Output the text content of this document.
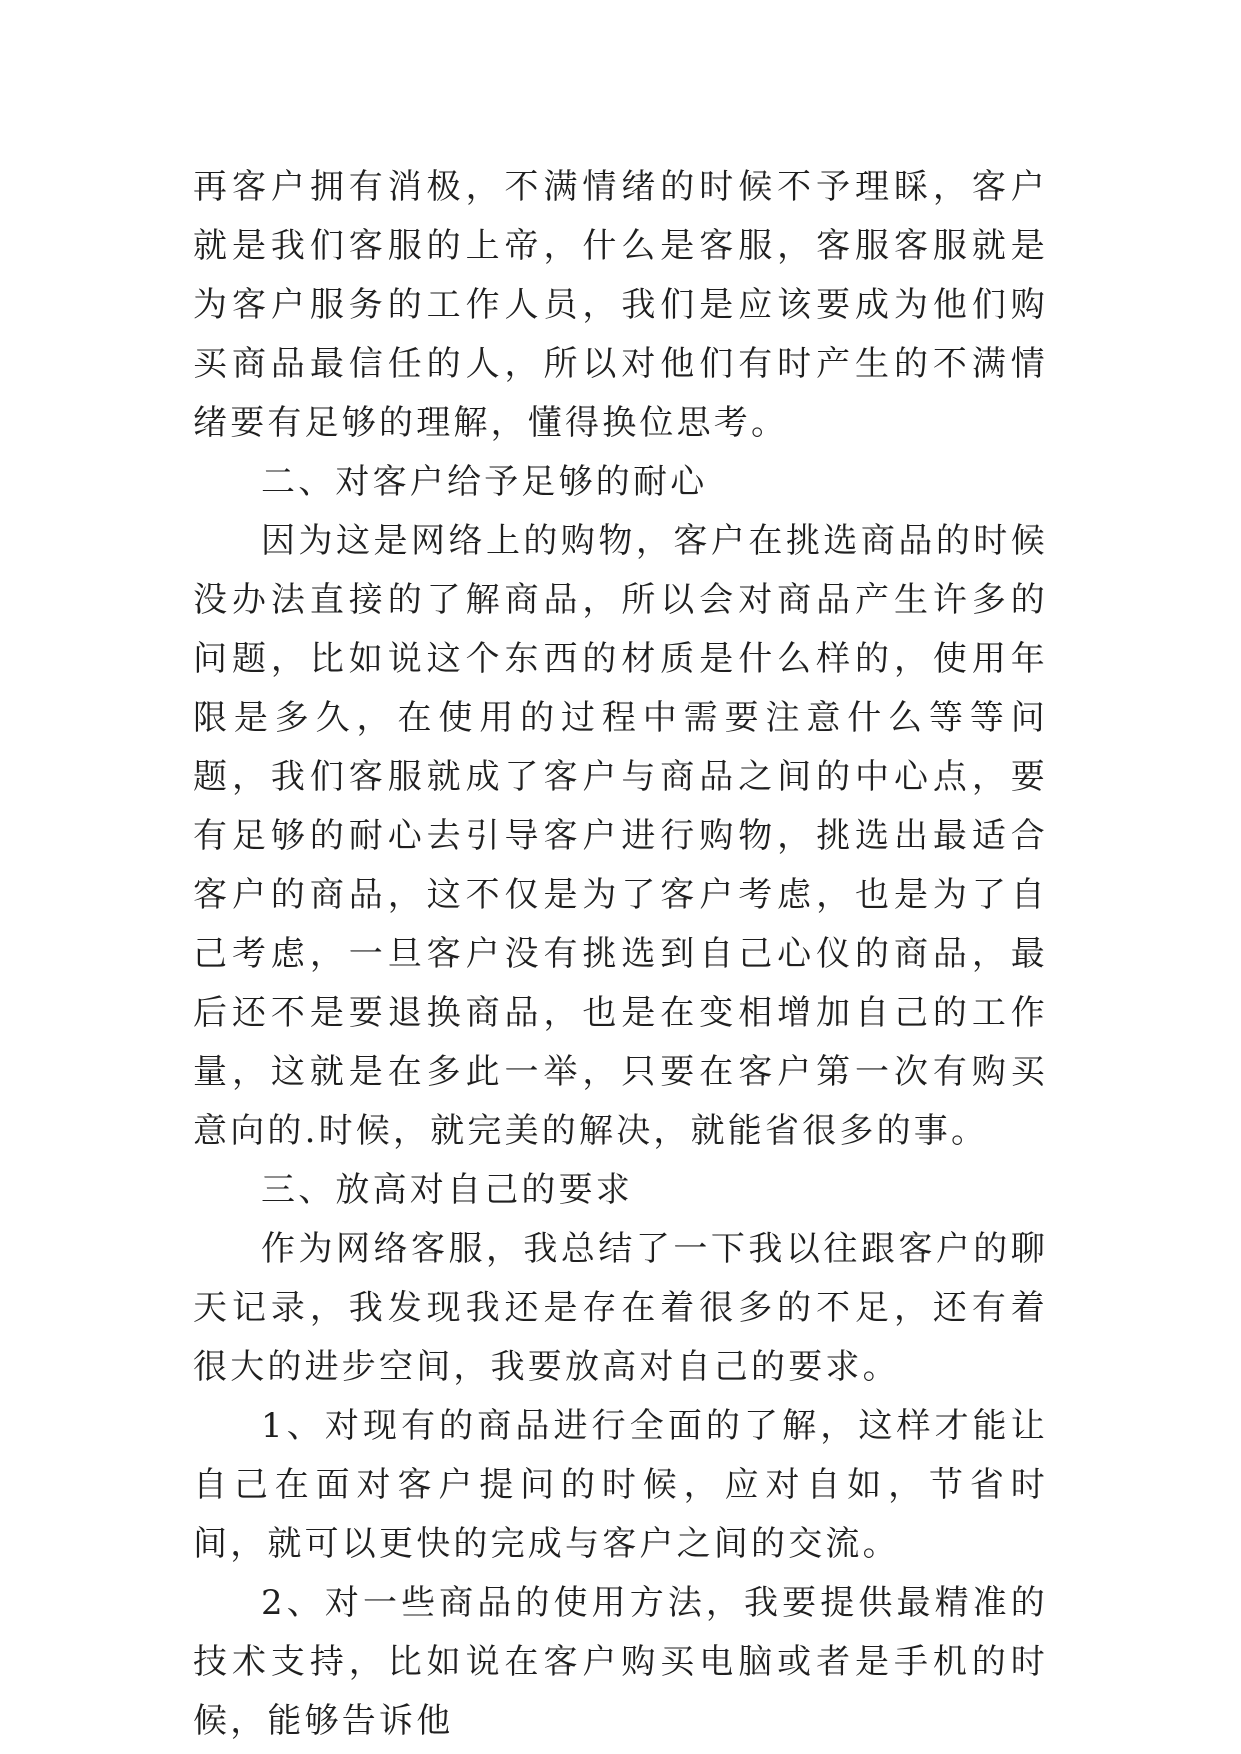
再客户拥有消极，不满情绪的时候不予理睬，客户就是我们客服的上帝，什么是客服，客服客服就是为客户服务的工作人员，我们是应该要成为他们购买商品最信任的人，所以对他们有时产生的不满情绪要有足够的理解，懂得换位思考。

二、对客户给予足够的耐心

因为这是网络上的购物，客户在挑选商品的时候没办法直接的了解商品，所以会对商品产生许多的问题，比如说这个东西的材质是什么样的，使用年限是多久，在使用的过程中需要注意什么等等问题，我们客服就成了客户与商品之间的中心点，要有足够的耐心去引导客户进行购物，挑选出最适合客户的商品，这不仅是为了客户考虑，也是为了自己考虑，一旦客户没有挑选到自己心仪的商品，最后还不是要退换商品，也是在变相增加自己的工作量，这就是在多此一举，只要在客户第一次有购买意向的.时候，就完美的解决，就能省很多的事。

三、放高对自己的要求

作为网络客服，我总结了一下我以往跟客户的聊天记录，我发现我还是存在着很多的不足，还有着很大的进步空间，我要放高对自己的要求。

1、对现有的商品进行全面的了解，这样才能让自己在面对客户提问的时候，应对自如，节省时间，就可以更快的完成与客户之间的交流。

2、对一些商品的使用方法，我要提供最精准的技术支持，比如说在客户购买电脑或者是手机的时候，能够告诉他
